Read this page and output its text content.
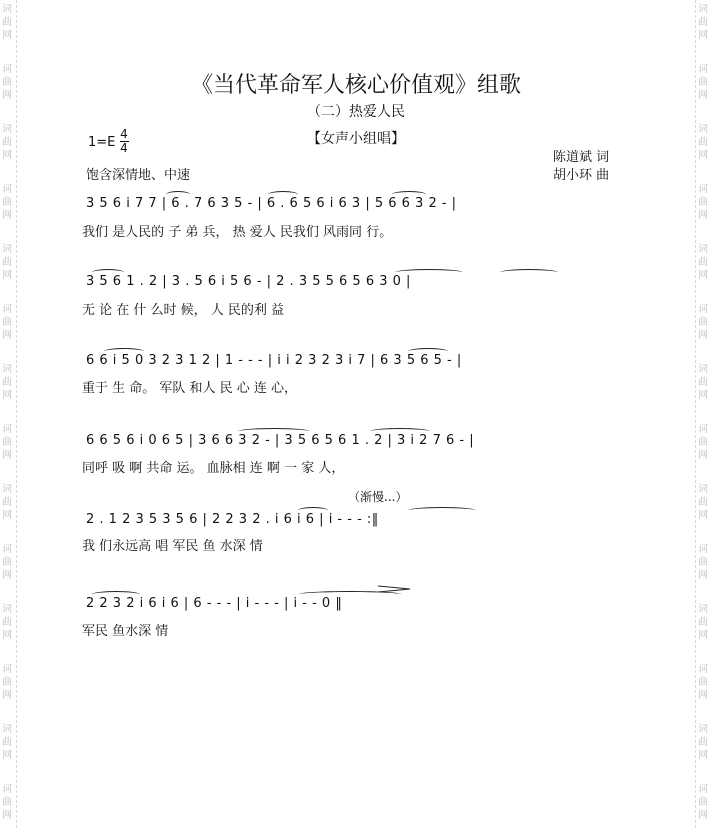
词
曲
网
词
曲
网
词
曲
网
词
曲
网
词
曲
网
词
曲
网
词
曲
网
词
曲
网
词
曲
网
词
曲
网
词
曲
网
词
曲
网
词
曲
网
词
曲
网
词
曲
网
词
曲
网
词
曲
网
词
曲
网
词
曲
网
词
曲
网
词
曲
网
词
曲
网
词
曲
网
词
曲
网
词
曲
网
词
曲
网
词
曲
网
词
曲
网
《当代革命军人核心价值观》组歌
（二）热爱人民
【女声小组唱】
1=E
4
4
饱含深情地、中速
陈道斌 词
胡小环 曲
3 5 6 i 7 7 | 6 . 7 6 3 5 - | 6 . 6 5 6 i 6 3 | 5 6 6 3 2 - |
我们 是人民的 子 弟 兵， 热 爱人 民我们 风雨同 行。
3 5 6 1 . 2 | 3 . 5 6 i 5 6 - | 2 . 3 5 5 6 5 6 3 0 |
无 论 在 什 么时 候， 人 民的利 益
6 6 i 5 0 3 2 3 1 2 | 1 - - - | i i 2 3 2 3 i 7 | 6 3 5 6 5 - |
重于 生 命。 军队 和人 民 心 连 心，
6 6 5 6 i 0 6 5 | 3 6 6 3 2 - | 3 5 6 5 6 1 . 2 | 3 i 2 7 6 - |
同呼 吸 啊 共命 运。 血脉相 连 啊 一 家 人，
（渐慢...）
2 . 1 2 3 5 3 5 6 | 2 2 3 2 . i 6 i 6 | i - - - :‖
我 们永远高 唱 军民 鱼 水深 情
2 2 3 2 i 6 i 6 | 6 - - - | i - - - | i - - 0 ‖
军民 鱼水深 情
